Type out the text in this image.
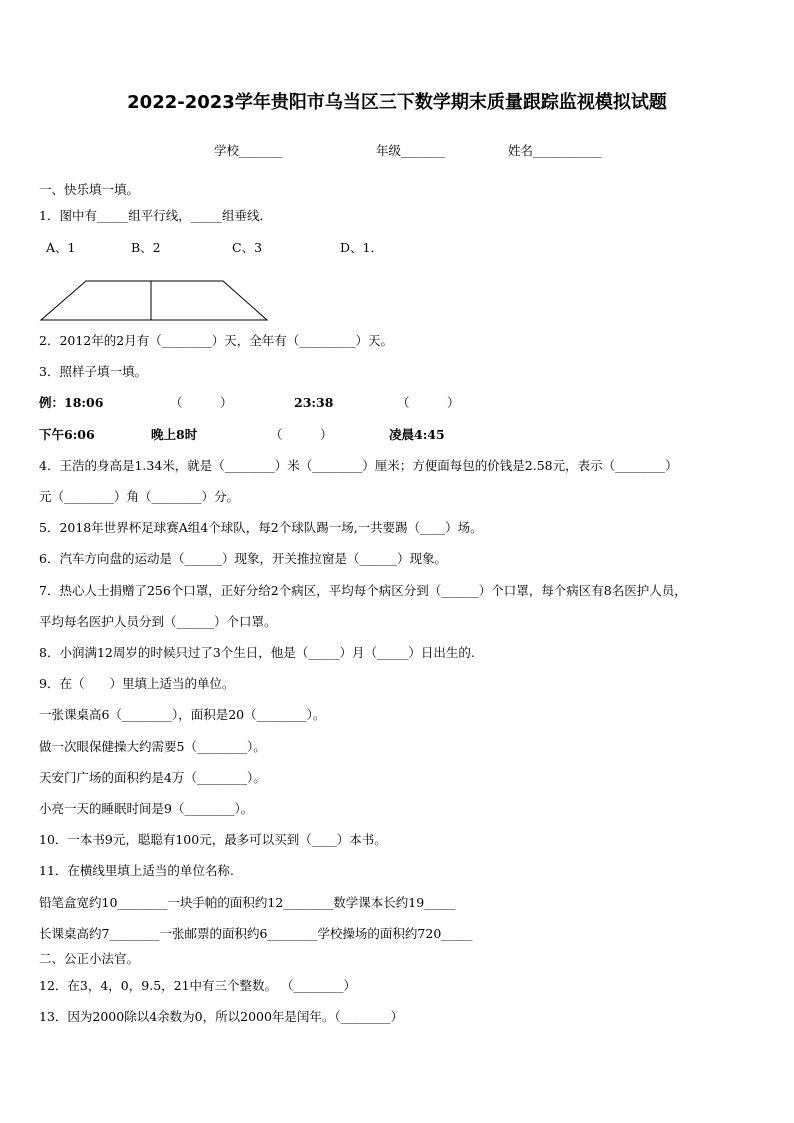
2022-2023学年贵阳市乌当区三下数学期末质量跟踪监视模拟试题
学校_______	年级_______	姓名___________
一、快乐填一填。
1．图中有_____组平行线，_____组垂线．
A、1	B、2	C、3	D、1．
2．2012年的2月有（________）天，全年有（_________）天。
3．照样子填一填。
例：18:06	（　　　）	23:38	（　　　）
下午6:06	晚上8时	（　　　）	凌晨4:45
4．王浩的身高是1.34米，就是（________）米（________）厘米；方便面每包的价钱是2.58元，表示（________）
元（________）角（________）分。
5．2018年世界杯足球赛A组4个球队，每2个球队踢一场,一共要踢（____）场。
6．汽车方向盘的运动是（______）现象，开关推拉窗是（______）现象。
7．热心人士捐赠了256个口罩，正好分给2个病区，平均每个病区分到（______）个口罩，每个病区有8名医护人员，
平均每名医护人员分到（______）个口罩。
8．小润满12周岁的时候只过了3个生日，他是（_____）月（_____）日出生的.
9．在（　　）里填上适当的单位。
一张课桌高6（________），面积是20（________）。
做一次眼保健操大约需要5（________）。
天安门广场的面积约是4万（________）。
小亮一天的睡眠时间是9（________）。
10．一本书9元，聪聪有100元，最多可以买到（____）本书。
11．在横线里填上适当的单位名称.
铅笔盒宽约10________一块手帕的面积约12________数学课本长约19_____
长课桌高约7________一张邮票的面积约6________学校操场的面积约720_____
二、公正小法官。
12．在3，4，0，9.5，21中有三个整数。 （________）
13．因为2000除以4余数为0，所以2000年是闰年。（________）
